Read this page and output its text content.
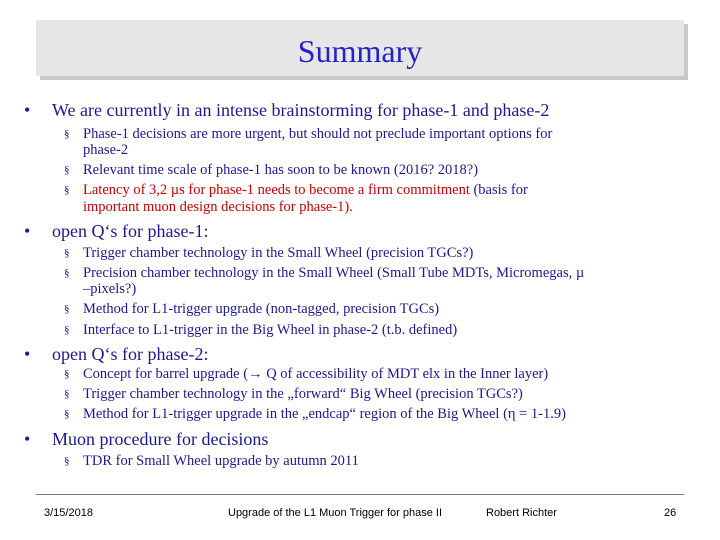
Summary
• We are currently in an intense brainstorming for phase-1 and phase-2
§ Phase-1 decisions are more urgent, but should not preclude important options for
phase-2
§ Relevant time scale of phase-1 has soon to be known (2016? 2018?)
§ Latency of 3,2 µs for phase-1 needs to become a firm commitment (basis for
important muon design decisions for phase-1).
• open Q‘s for phase-1:
§ Trigger chamber technology in the Small Wheel (precision TGCs?)
§ Precision chamber technology in the Small Wheel (Small Tube MDTs, Micromegas, µ
–pixels?)
§ Method for L1-trigger upgrade (non-tagged, precision TGCs)
§ Interface to L1-trigger in the Big Wheel in phase-2 (t.b. defined)
• open Q‘s for phase-2:
§ Concept for barrel upgrade (→ Q of accessibility of MDT elx in the Inner layer)
§ Trigger chamber technology in the „forward“ Big Wheel (precision TGCs?)
§ Method for L1-trigger upgrade in the „endcap“ region of the Big Wheel (η = 1-1.9)
• Muon procedure for decisions
§ TDR for Small Wheel upgrade by autumn 2011
3/15/2018	Upgrade of the L1 Muon Trigger for phase II	Robert Richter	26
